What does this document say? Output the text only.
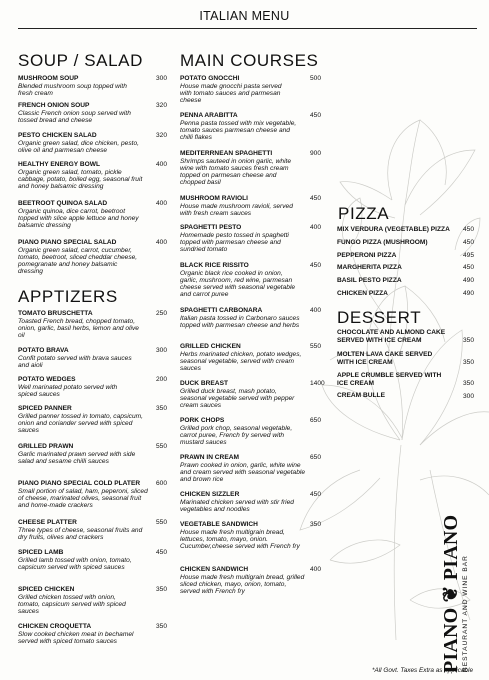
ITALIAN MENU
SOUP / SALAD
MUSHROOM SOUP
Blended mushroom soup topped with fresh cream
300
FRENCH ONION SOUP
Classic French onion soup served with tossed bread and cheese
320
PESTO CHICKEN SALAD
Organic green salad, dice chicken, pesto, olive oil and parmesan cheese
320
HEALTHY ENERGY BOWL
Organic green salad, tomato, pickle cabbage, potato, boiled egg, seasonal fruit and honey balsamic dressing
400
BEETROOT QUINOA SALAD
Organic quinoa, dice carrot, beetroot topped with slice apple lettuce and honey balsamic dressing
400
PIANO PIANO SPECIAL SALAD
Organic green salad, carrot, cucumber, tomato, beetroot, sliced cheddar cheese, pomegranate and honey balsamic dressing
400
APPTIZERS
TOMATO BRUSCHETTA
Toasted French bread, chopped tomato, onion, garlic, basil herbs, lemon and olive oil
250
POTATO BRAVA
Confit potato served with brava sauces and aioli
300
POTATO WEDGES
Well marinated potato served with spiced sauces
200
SPICED PANNER
Grilled panner tossed in tomato, capsicum, onion and coriander served with spiced sauces
350
GRILLED PRAWN
Garlic marinated prawn served with side salad and sesame chilli sauces
550
PIANO PIANO SPECIAL COLD PLATER
Small portion of salad, ham, peperoni, sliced of cheese, marinated olives, seasonal fruit and home-made crackers
600
CHEESE PLATTER
Three types of cheese, seasonal fruits and dry fruits, olives and crackers
550
SPICED LAMB
Grilled lamb tossed with onion, tomato, capsicum served with spiced sauces
450
SPICED CHICKEN
Grilled chicken tossed with onion, tomato, capsicum served with spiced sauces
350
CHICKEN CROQUETTA
Slow cooked chicken meat in bechamel served with spiced tomato sauces
350
MAIN COURSES
POTATO GNOCCHI
House made gnocchi pasta served with tomato sauces and parmesan cheese
500
PENNA ARABITTA
Penna pasta tossed with mix vegetable, tomato sauces parmesan cheese and chilli flakes
450
MEDITERRNEAN SPAGHETTI
Shrimps sauteed in onion garlic, white wine with tomato sauces fresh cream topped on parmesan cheese and chopped basil
900
MUSHROOM RAVIOLI
House made mushroom ravioli, served with fresh cream sauces
450
SPAGHETTI PESTO
Homemade pesto tossed in spaghetti topped with parmesan cheese and sundried tomato
400
BLACK RICE RISSITO
Organic black rice cooked in onion, garlic, mushroom, red wine, parmesan cheese served with seasonal vegetable and carrot puree
450
SPAGHETTI CARBONARA
Italian pasta tossed in Carbonaro sauces topped with parmesan cheese and herbs
400
GRILLED CHICKEN
Herbs marinated chicken, potato wedges, seasonal vegetable, served with cream sauces
550
DUCK BREAST
Grilled duck breast, mash potato, seasonal vegetable served with pepper cream sauces
1400
PORK CHOPS
Grilled pork chop, seasonal vegetable, carrot puree, French fry served with mustard sauces
650
PRAWN IN CREAM
Prawn cooked in onion, garlic, white wine and cream served with seasonal vegetable and brown rice
650
CHICKEN SIZZLER
Marinated chicken served with stir fried vegetables and noodles
450
VEGETABLE SANDWICH
House made fresh multigrain bread, lettuces, tomato, mayo, onion. Cucumber,cheese served with French fry
350
CHICKEN SANDWICH
House made fresh multigrain bread, grilled sliced chicken, mayo, onion, tomato, served with French fry
400
PIZZA
MIX VERDURA (VEGETABLE) PIZZA	450
FUNGO PIZZA (MUSHROOM)	450
PEPPERONI PIZZA	495
MARGHERITA PIZZA	450
BASIL PESTO PIZZA	490
CHICKEN PIZZA	490
DESSERT
CHOCOLATE AND ALMOND CAKE SERVED WITH ICE CREAM	350
MOLTEN LAVA CAKE SERVED WITH ICE CREAM	350
APPLE CRUMBLE SERVED WITH ICE CREAM	350
CREAM BULLE	300
PIANO ❦ PIANO RESTAURANT AND WINE BAR
*All Govt. Taxes Extra as applicable
